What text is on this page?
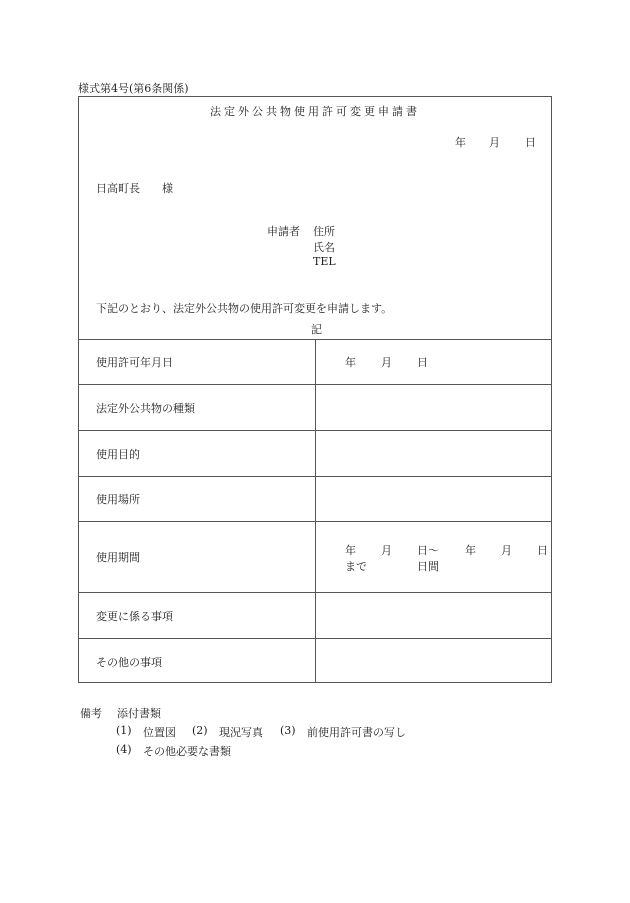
様式第4号(第6条関係)
法定外公共物使用許可変更申請書
年 月 日
日高町長　　様
申請者 住所
氏名
TEL
下記のとおり、法定外公共物の使用許可変更を申請します。
記
使用許可年月日
法定外公共物の種類
使用目的
使用場所
使用期間
変更に係る事項
その他の事項
年 月 日
年 月 日～ 年 月 日
まで	日間
備考 添付書類
(1) 位置図 (2) 現況写真 (3) 前使用許可書の写し
(4) その他必要な書類
